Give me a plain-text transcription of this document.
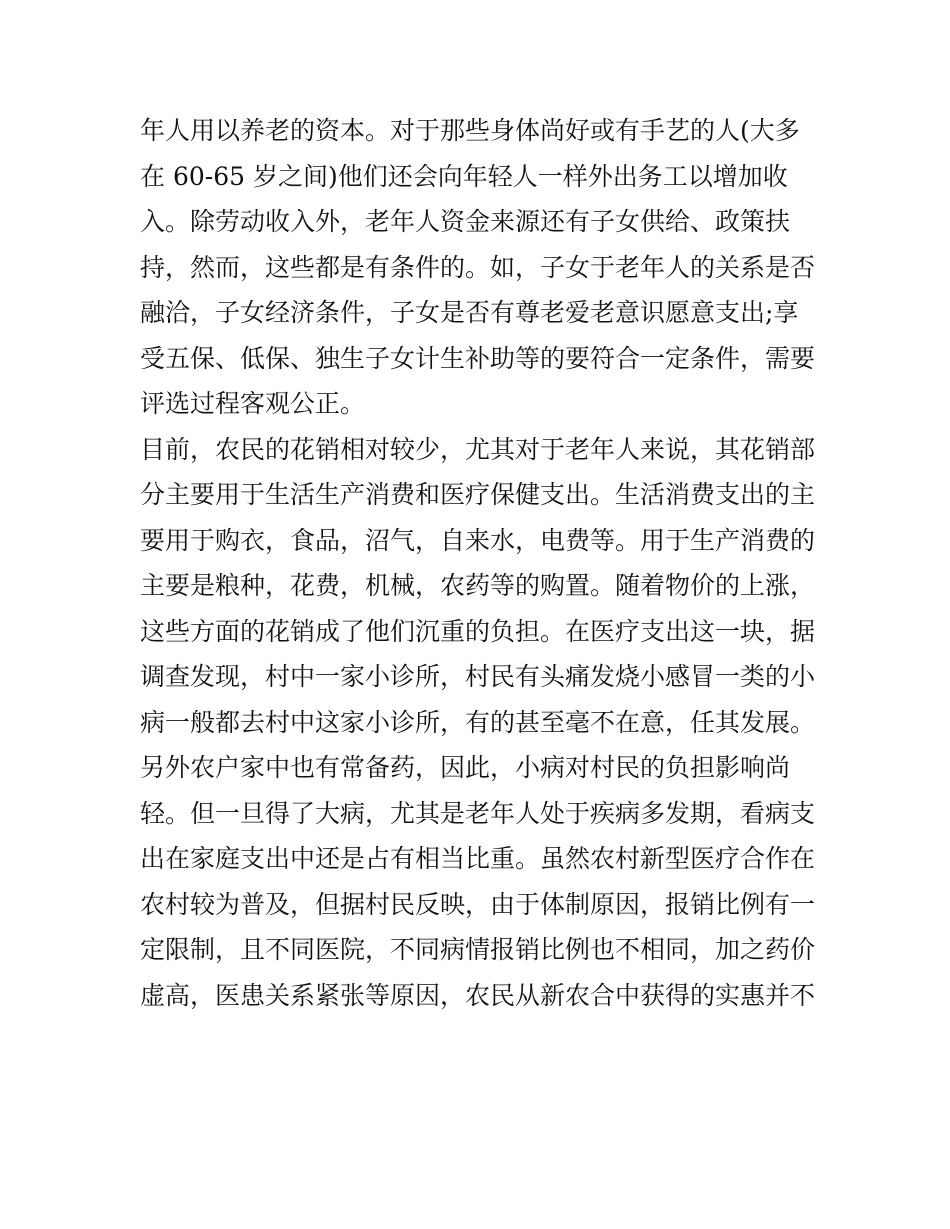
年人用以养老的资本。对于那些身体尚好或有手艺的人(大多
在 60-65 岁之间)他们还会向年轻人一样外出务工以增加收
入。除劳动收入外，老年人资金来源还有子女供给、政策扶
持，然而，这些都是有条件的。如，子女于老年人的关系是否
融洽，子女经济条件，子女是否有尊老爱老意识愿意支出;享
受五保、低保、独生子女计生补助等的要符合一定条件，需要
评选过程客观公正。
目前，农民的花销相对较少，尤其对于老年人来说，其花销部
分主要用于生活生产消费和医疗保健支出。生活消费支出的主
要用于购衣，食品，沼气，自来水，电费等。用于生产消费的
主要是粮种，花费，机械，农药等的购置。随着物价的上涨，
这些方面的花销成了他们沉重的负担。在医疗支出这一块，据
调查发现，村中一家小诊所，村民有头痛发烧小感冒一类的小
病一般都去村中这家小诊所，有的甚至毫不在意，任其发展。
另外农户家中也有常备药，因此，小病对村民的负担影响尚
轻。但一旦得了大病，尤其是老年人处于疾病多发期，看病支
出在家庭支出中还是占有相当比重。虽然农村新型医疗合作在
农村较为普及，但据村民反映，由于体制原因，报销比例有一
定限制，且不同医院，不同病情报销比例也不相同，加之药价
虚高，医患关系紧张等原因，农民从新农合中获得的实惠并不
